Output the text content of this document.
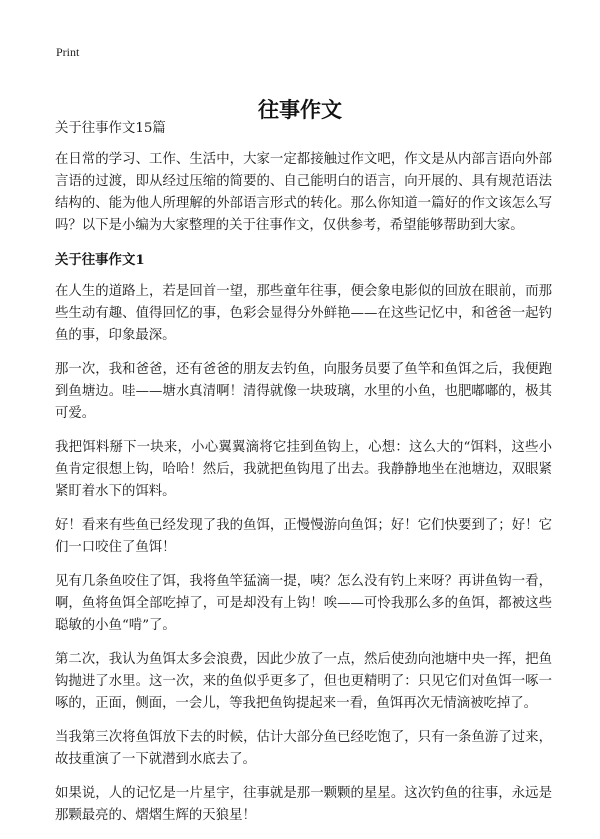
Print
往事作文

关于往事作文15篇

在日常的学习、工作、生活中，大家一定都接触过作文吧，作文是从内部言语向外部言语的过渡，即从经过压缩的简要的、自己能明白的语言，向开展的、具有规范语法结构的、能为他人所理解的外部语言形式的转化。那么你知道一篇好的作文该怎么写吗？以下是小编为大家整理的关于往事作文，仅供参考，希望能够帮助到大家。

关于往事作文1

在人生的道路上，若是回首一望，那些童年往事，便会象电影似的回放在眼前，而那些生动有趣、值得回忆的事，色彩会显得分外鲜艳——在这些记忆中，和爸爸一起钓鱼的事，印象最深。

那一次，我和爸爸，还有爸爸的朋友去钓鱼，向服务员要了鱼竿和鱼饵之后，我便跑到鱼塘边。哇——塘水真清啊！清得就像一块玻璃，水里的小鱼，也肥嘟嘟的，极其可爱。

我把饵料掰下一块来，小心翼翼滴将它挂到鱼钩上，心想：这么大的“饵料，这些小鱼肯定很想上钩，哈哈！然后，我就把鱼钩甩了出去。我静静地坐在池塘边，双眼紧紧盯着水下的饵料。

好！看来有些鱼已经发现了我的鱼饵，正慢慢游向鱼饵；好！它们快要到了；好！它们一口咬住了鱼饵！

见有几条鱼咬住了饵，我将鱼竿猛滴一提，咦？怎么没有钓上来呀？再讲鱼钩一看，啊，鱼将鱼饵全部吃掉了，可是却没有上钩！唉——可怜我那么多的鱼饵，都被这些聪敏的小鱼“啃”了。

第二次，我认为鱼饵太多会浪费，因此少放了一点，然后使劲向池塘中央一挥，把鱼钩抛进了水里。这一次，来的鱼似乎更多了，但也更精明了：只见它们对鱼饵一啄一啄的，正面，侧面，一会儿，等我把鱼钩提起来一看，鱼饵再次无情滴被吃掉了。

当我第三次将鱼饵放下去的时候，估计大部分鱼已经吃饱了，只有一条鱼游了过来，故技重演了一下就潜到水底去了。

如果说，人的记忆是一片星宇，往事就是那一颗颗的星星。这次钓鱼的往事，永远是那颗最亮的、熠熠生辉的天狼星！
